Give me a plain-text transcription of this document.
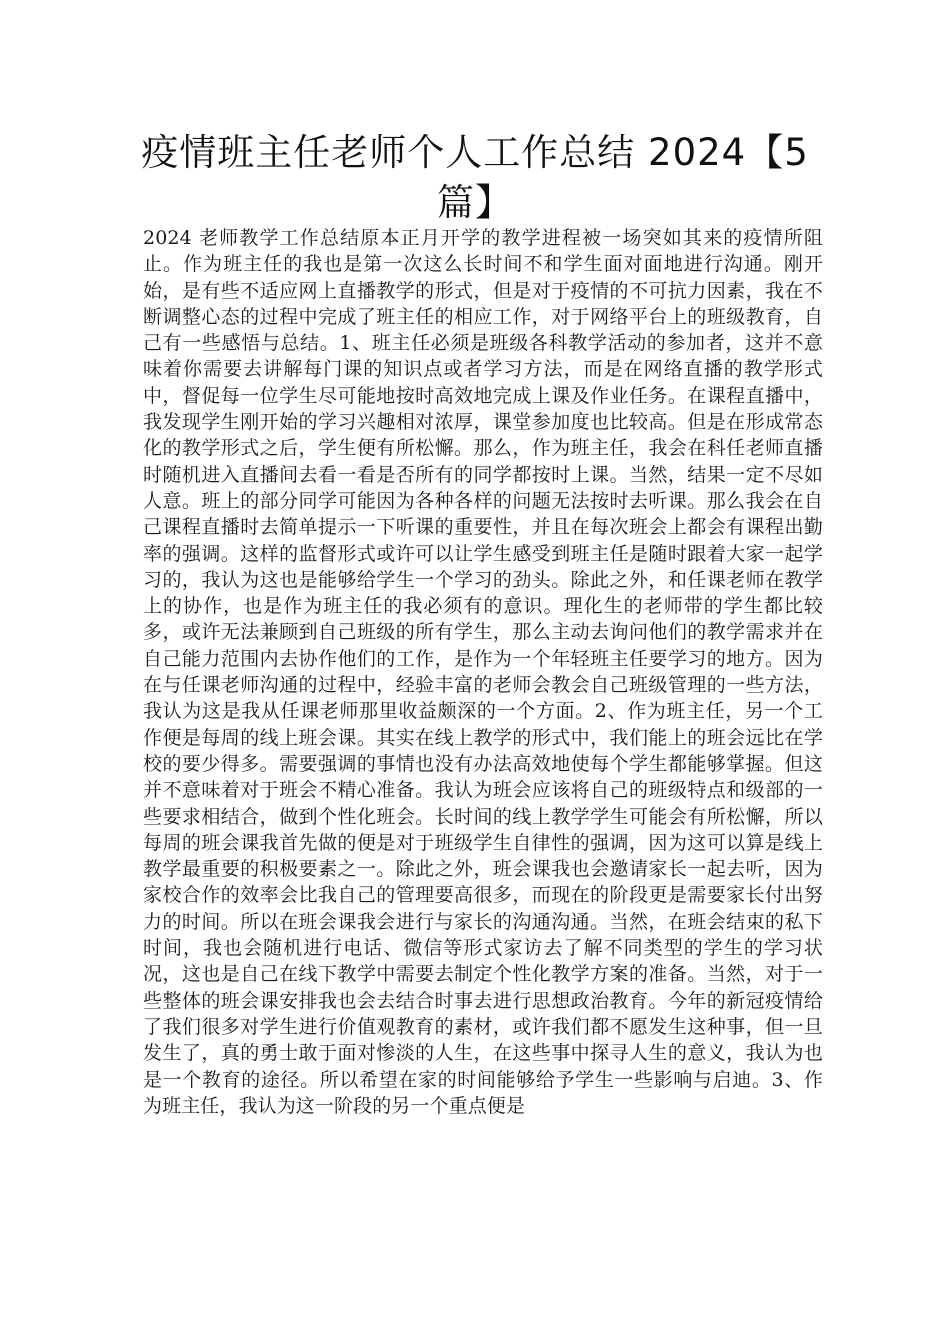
疫情班主任老师个人工作总结 2024【5篇】

2024 老师教学工作总结原本正月开学的教学进程被一场突如其来的疫情所阻止。作为班主任的我也是第一次这么长时间不和学生面对面地进行沟通。刚开始，是有些不适应网上直播教学的形式，但是对于疫情的不可抗力因素，我在不断调整心态的过程中完成了班主任的相应工作，对于网络平台上的班级教育，自己有一些感悟与总结。1、班主任必须是班级各科教学活动的参加者，这并不意味着你需要去讲解每门课的知识点或者学习方法，而是在网络直播的教学形式中，督促每一位学生尽可能地按时高效地完成上课及作业任务。在课程直播中，我发现学生刚开始的学习兴趣相对浓厚，课堂参加度也比较高。但是在形成常态化的教学形式之后，学生便有所松懈。那么，作为班主任，我会在科任老师直播时随机进入直播间去看一看是否所有的同学都按时上课。当然，结果一定不尽如人意。班上的部分同学可能因为各种各样的问题无法按时去听课。那么我会在自己课程直播时去简单提示一下听课的重要性，并且在每次班会上都会有课程出勤率的强调。这样的监督形式或许可以让学生感受到班主任是随时跟着大家一起学习的，我认为这也是能够给学生一个学习的劲头。除此之外，和任课老师在教学上的协作，也是作为班主任的我必须有的意识。理化生的老师带的学生都比较多，或许无法兼顾到自己班级的所有学生，那么主动去询问他们的教学需求并在自己能力范围内去协作他们的工作，是作为一个年轻班主任要学习的地方。因为在与任课老师沟通的过程中，经验丰富的老师会教会自己班级管理的一些方法，我认为这是我从任课老师那里收益颇深的一个方面。2、作为班主任，另一个工作便是每周的线上班会课。其实在线上教学的形式中，我们能上的班会远比在学校的要少得多。需要强调的事情也没有办法高效地使每个学生都能够掌握。但这并不意味着对于班会不精心准备。我认为班会应该将自己的班级特点和级部的一些要求相结合，做到个性化班会。长时间的线上教学学生可能会有所松懈，所以每周的班会课我首先做的便是对于班级学生自律性的强调，因为这可以算是线上教学最重要的积极要素之一。除此之外，班会课我也会邀请家长一起去听，因为家校合作的效率会比我自己的管理要高很多，而现在的阶段更是需要家长付出努力的时间。所以在班会课我会进行与家长的沟通沟通。当然，在班会结束的私下时间，我也会随机进行电话、微信等形式家访去了解不同类型的学生的学习状况，这也是自己在线下教学中需要去制定个性化教学方案的准备。当然，对于一些整体的班会课安排我也会去结合时事去进行思想政治教育。今年的新冠疫情给了我们很多对学生进行价值观教育的素材，或许我们都不愿发生这种事，但一旦发生了，真的勇士敢于面对惨淡的人生，在这些事中探寻人生的意义，我认为也是一个教育的途径。所以希望在家的时间能够给予学生一些影响与启迪。3、作为班主任，我认为这一阶段的另一个重点便是
